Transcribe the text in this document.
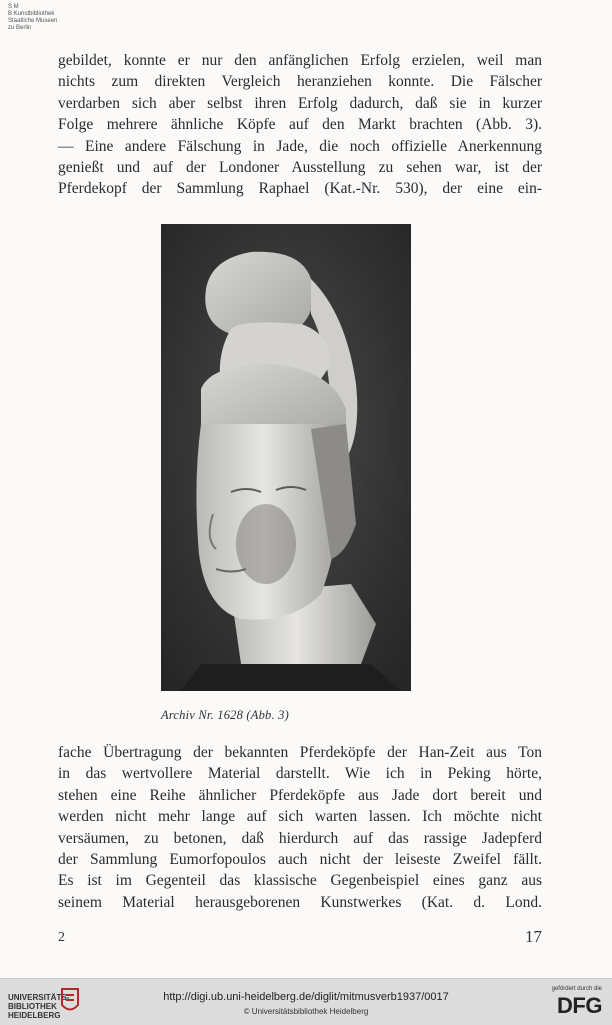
S M
B Kunstbibliothek
Staatliche Museen
zu Berlin

gebildet, konnte er nur den anfänglichen Erfolg erzielen, weil man
nichts zum direkten Vergleich heranziehen konnte. Die Fälscher
verdarben sich aber selbst ihren Erfolg dadurch, daß sie in kurzer
Folge mehrere ähnliche Köpfe auf den Markt brachten (Abb. 3).
— Eine andere Fälschung in Jade, die noch offizielle Anerkennung
genießt und auf der Londoner Ausstellung zu sehen war, ist der
Pferdekopf der Sammlung Raphael (Kat.-Nr. 530), der eine ein-

Archiv Nr. 1628 (Abb. 3)

fache Übertragung der bekannten Pferdeköpfe der Han-Zeit aus Ton
in das wertvollere Material darstellt. Wie ich in Peking hörte,
stehen eine Reihe ähnlicher Pferdeköpfe aus Jade dort bereit und
werden nicht mehr lange auf sich warten lassen. Ich möchte nicht
versäumen, zu betonen, daß hierdurch auf das rassige Jadepferd
der Sammlung Eumorfopoulos auch nicht der leiseste Zweifel fällt.
Es ist im Gegenteil das klassische Gegenbeispiel eines ganz aus
seinem Material herausgeborenen Kunstwerkes (Kat. d. Lond.

2	17
UNIVERSITÄTS-
BIBLIOTHEK
HEIDELBERG
http://digi.ub.uni-heidelberg.de/diglit/mitmusverb1937/0017
© Universitätsbibliothek Heidelberg
gefördert durch die
DFG
